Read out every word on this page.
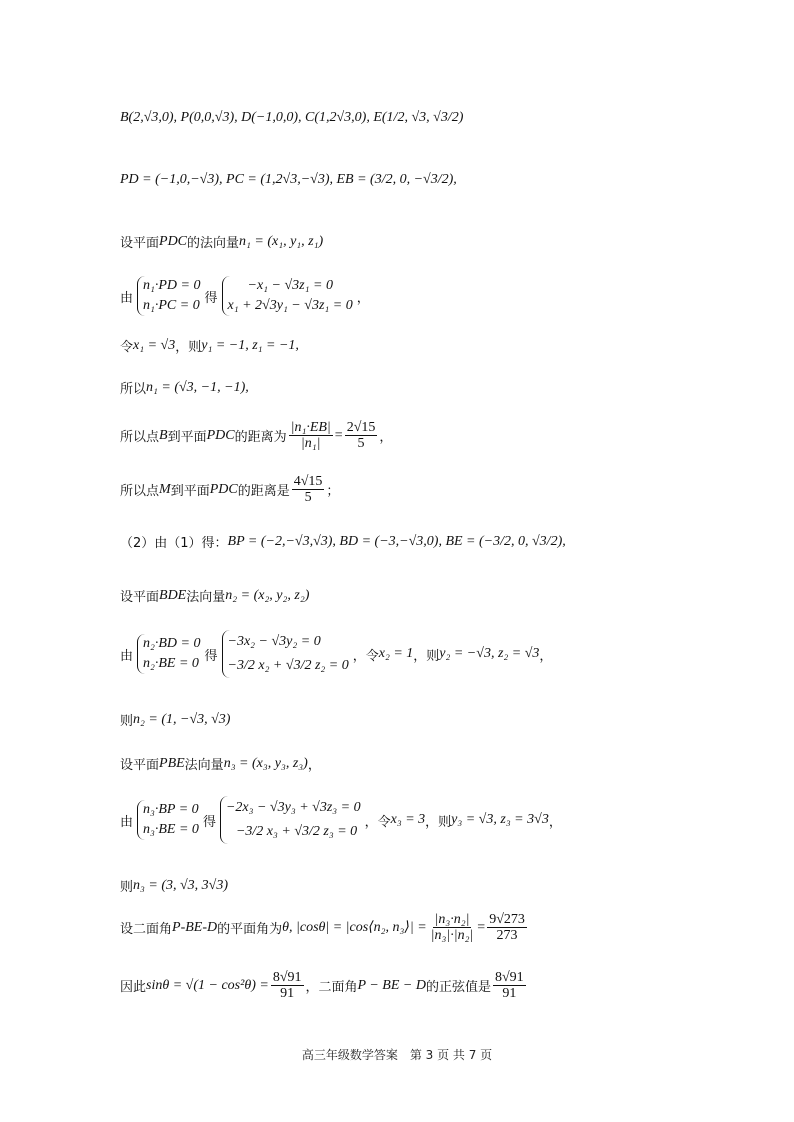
B(2,√3,0), P(0,0,√3), D(−1,0,0), C(1,2√3,0), E(1/2, √3, √3/2)
PD = (−1,0,−√3), PC = (1,2√3,−√3), EB = (3/2, 0, −√3/2),
设平面 PDC 的法向量 n₁ = (x₁, y₁, z₁)
由
n₁·PD = 0
n₁·PC = 0 得
−x₁ − √3z₁ = 0
x₁ + 2√3y₁ − √3z₁ = 0 ，
令 x₁ = √3 ，则 y₁ = −1, z₁ = −1,
所以 n₁ = (√3, −1, −1),
所以点 B 到平面 PDC 的距离为 $\frac{\text{|n₁·EB|}}{\text{|n₁|}} = \frac{2√15}{5}$ ，
所以点 M 到平面 PDC 的距离是 $\frac{4√15}{5}$ ；
（2）由（1）得： BP = (−2,−√3,√3), BD = (−3,−√3,0), BE = (−3/2, 0, √3/2),
设平面 BDE 法向量 n₂ = (x₂, y₂, z₂)
由
n₂·BD = 0
n₂·BE = 0 得
−3x₂ − √3y₂ = 0
−3/2 x₂ + √3/2 z₂ = 0
，令 x₂ = 1 ，则 y₂ = −√3, z₂ = √3 ，
则 n₂ = (1, −√3, √3)
设平面 PBE 法向量 n₃ = (x₃, y₃, z₃) ，
由
n₃·BP = 0
n₃·BE = 0 得
−2x₃ − √3y₃ + √3z₃ = 0
−3/2 x₃ + √3/2 z₃ = 0
，令 x₃ = 3 ，则 y₃ = √3, z₃ = 3√3 ，
则 n₃ = (3, √3, 3√3)
设二面角 P-BE-D 的平面角为 θ, |cosθ| = |cos⟨n₂, n₃⟩| = $\frac{\text{|n₃·n₂|}}{\text{|n₃|·|n₂|}} = \frac{9√273}{273}$
因此 $\sin\theta = √(1 - \cos^2\theta) = \frac{8√91}{91}$ ，二面角 P − BE − D 的正弦值是 $\frac{8√91}{91}$
高三年级数学答案　第 3 页 共 7 页
